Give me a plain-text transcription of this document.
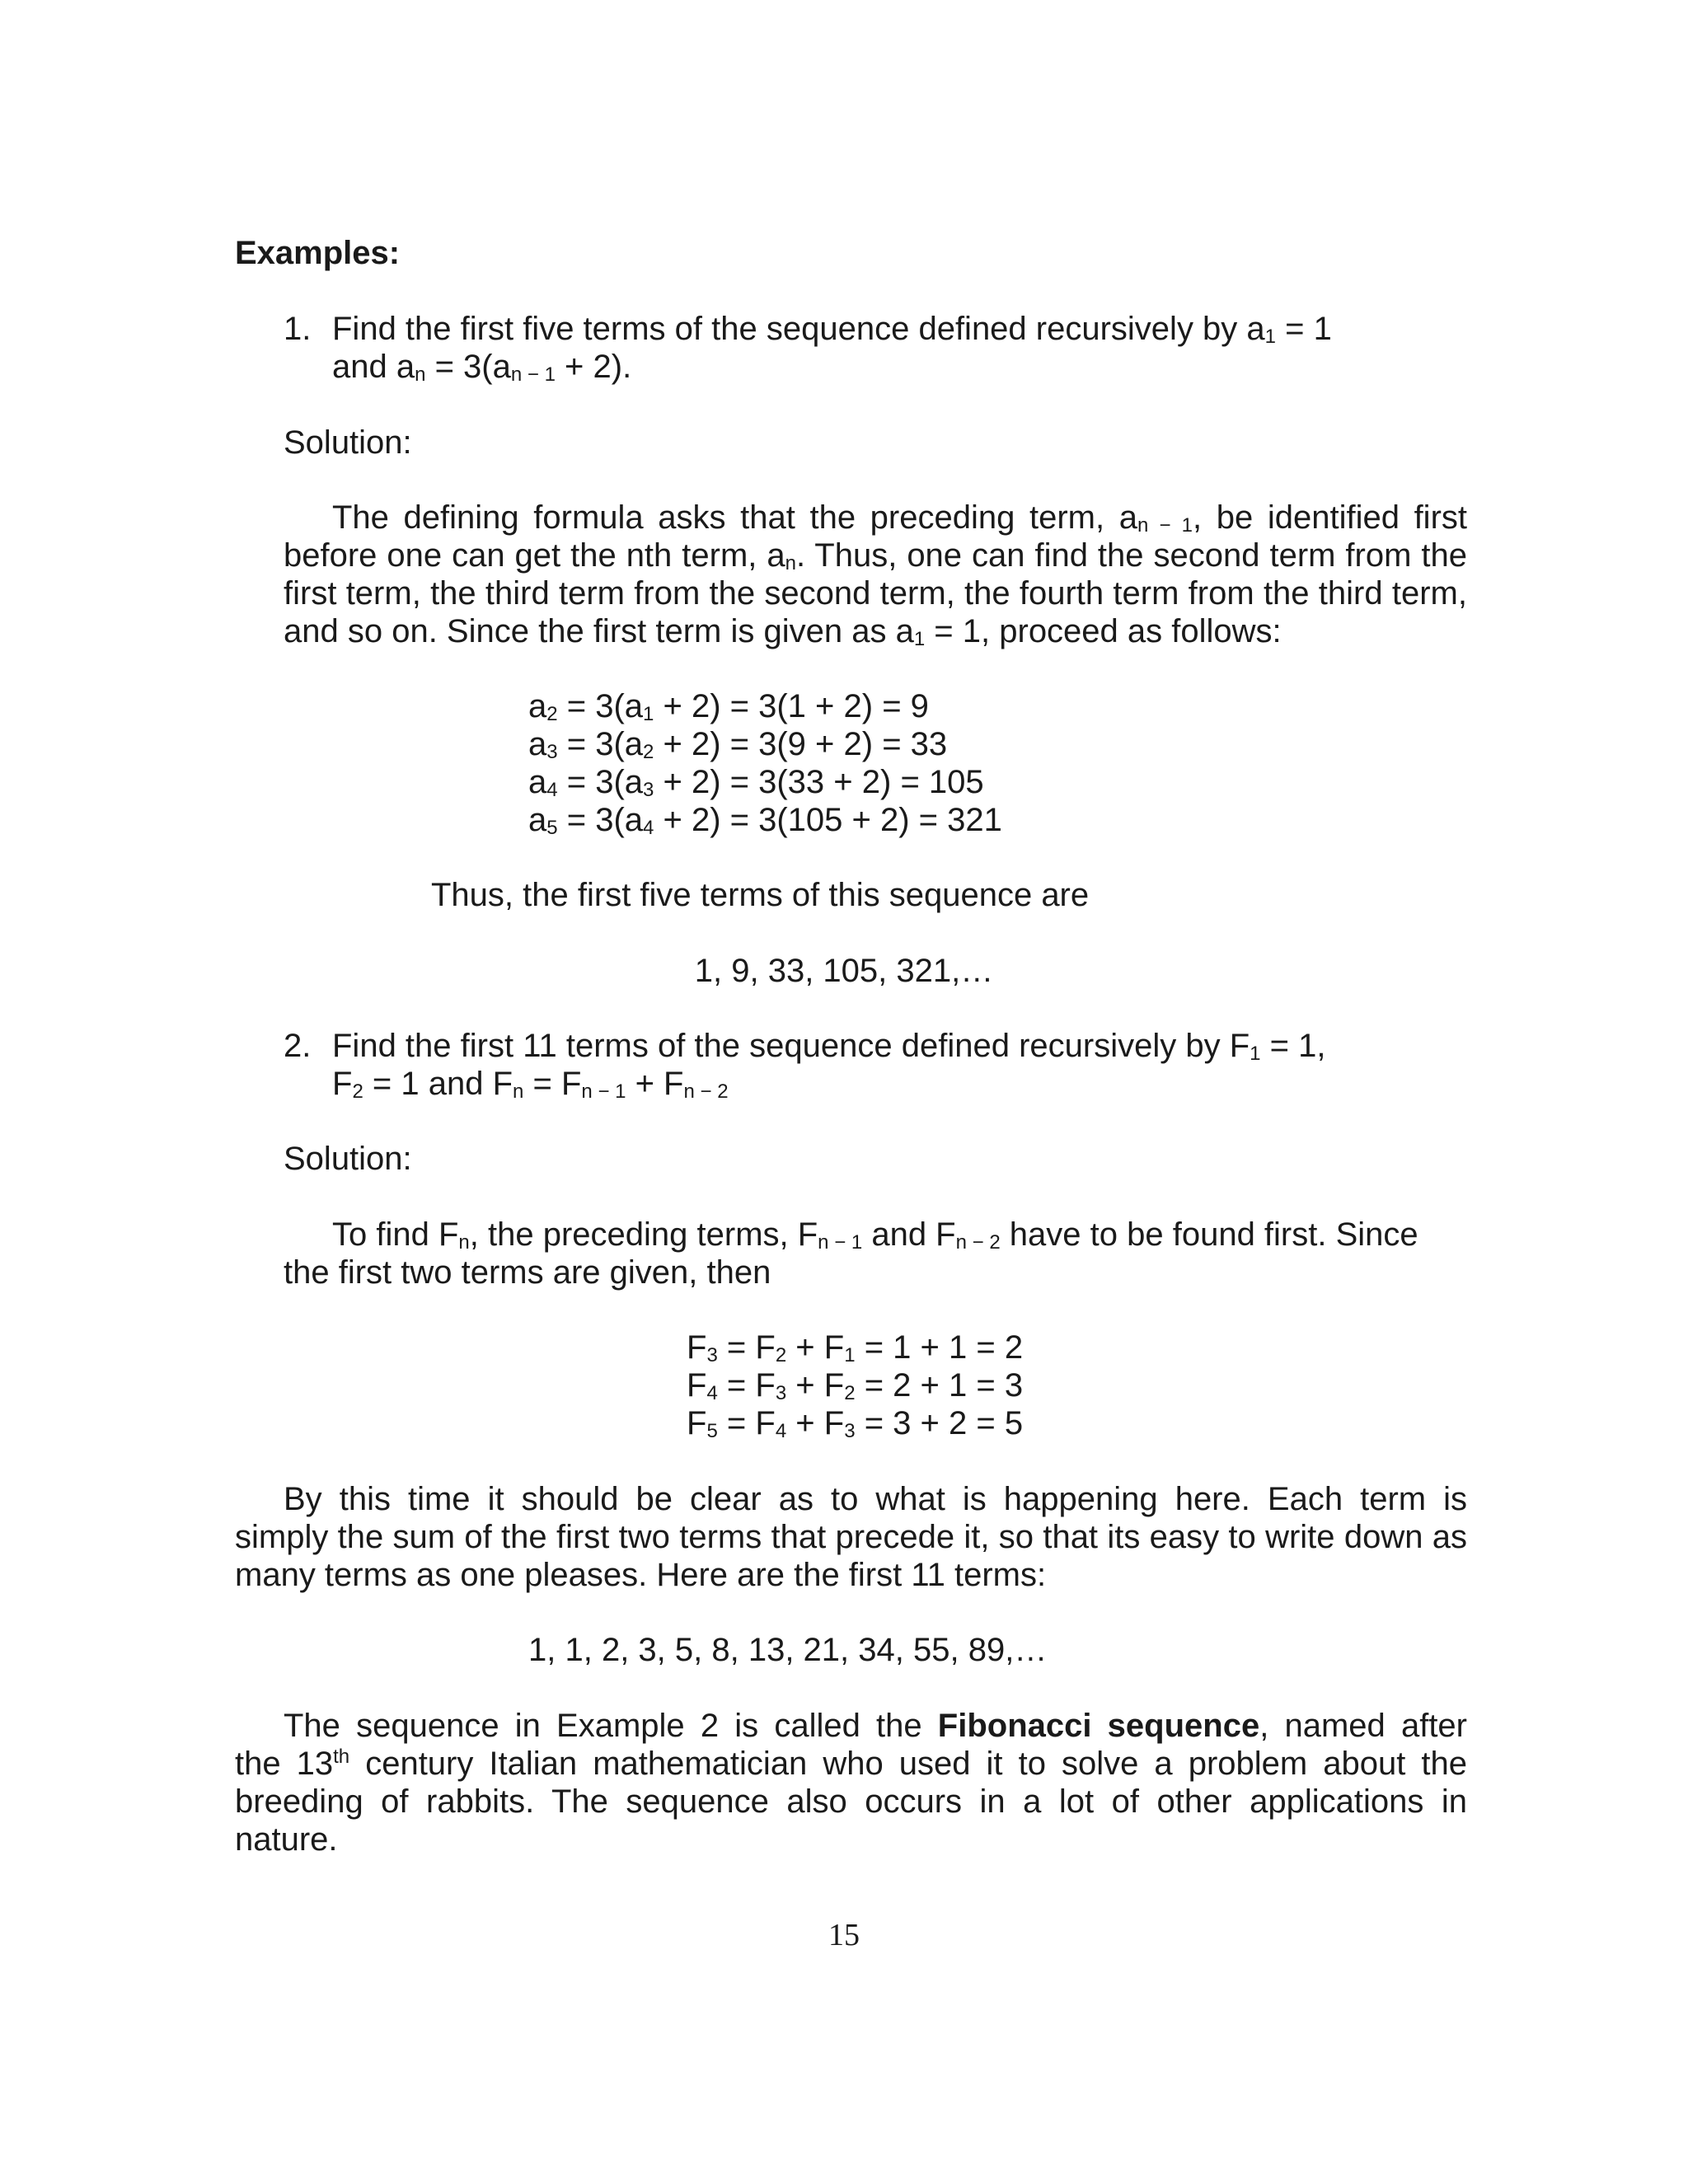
Examples:
1. Find the first five terms of the sequence defined recursively by a1 = 1
and an = 3(an − 1 + 2).
Solution:
The defining formula asks that the preceding term, an − 1, be identified first
before one can get the nth term, an. Thus, one can find the second term from the
first term, the third term from the second term, the fourth term from the third term,
and so on. Since the first term is given as a1 = 1, proceed as follows:
a2 = 3(a1 + 2) = 3(1 + 2) = 9
a3 = 3(a2 + 2) = 3(9 + 2) = 33
a4 = 3(a3 + 2) = 3(33 + 2) = 105
a5 = 3(a4 + 2) = 3(105 + 2) = 321
Thus, the first five terms of this sequence are
1, 9, 33, 105, 321,…
2. Find the first 11 terms of the sequence defined recursively by F1 = 1,
F2 = 1 and Fn = Fn − 1 + Fn − 2
Solution:
To find Fn, the preceding terms, Fn − 1 and Fn − 2 have to be found first. Since
the first two terms are given, then
F3 = F2 + F1 = 1 + 1 = 2
F4 = F3 + F2 = 2 + 1 = 3
F5 = F4 + F3 = 3 + 2 = 5
By this time it should be clear as to what is happening here. Each term is
simply the sum of the first two terms that precede it, so that its easy to write down as
many terms as one pleases. Here are the first 11 terms:
1, 1, 2, 3, 5, 8, 13, 21, 34, 55, 89,…
The sequence in Example 2 is called the Fibonacci sequence, named after
the 13th century Italian mathematician who used it to solve a problem about the
breeding of rabbits. The sequence also occurs in a lot of other applications in nature.
15
